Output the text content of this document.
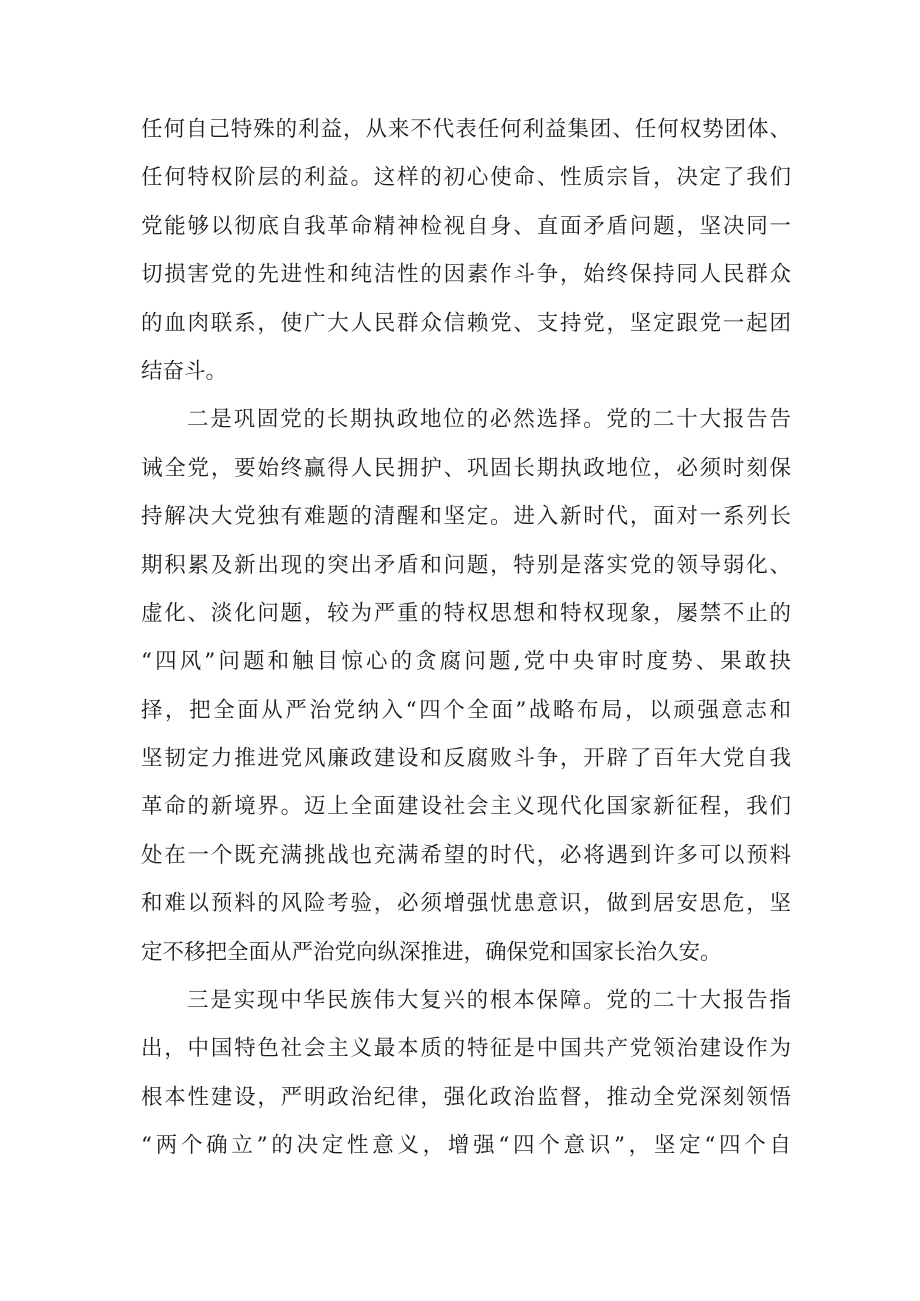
任何自己特殊的利益，从来不代表任何利益集团、任何权势团体、
任何特权阶层的利益。这样的初心使命、性质宗旨，决定了我们
党能够以彻底自我革命精神检视自身、直面矛盾问题，坚决同一
切损害党的先进性和纯洁性的因素作斗争，始终保持同人民群众
的血肉联系，使广大人民群众信赖党、支持党，坚定跟党一起团
结奋斗。
二是巩固党的长期执政地位的必然选择。党的二十大报告告
诫全党，要始终赢得人民拥护、巩固长期执政地位，必须时刻保
持解决大党独有难题的清醒和坚定。进入新时代，面对一系列长
期积累及新出现的突出矛盾和问题，特别是落实党的领导弱化、
虚化、淡化问题，较为严重的特权思想和特权现象，屡禁不止的
“四风”问题和触目惊心的贪腐问题,党中央审时度势、果敢抉
择，把全面从严治党纳入“四个全面”战略布局，以顽强意志和
坚韧定力推进党风廉政建设和反腐败斗争，开辟了百年大党自我
革命的新境界。迈上全面建设社会主义现代化国家新征程，我们
处在一个既充满挑战也充满希望的时代，必将遇到许多可以预料
和难以预料的风险考验，必须增强忧患意识，做到居安思危，坚
定不移把全面从严治党向纵深推进，确保党和国家长治久安。
三是实现中华民族伟大复兴的根本保障。党的二十大报告指
出，中国特色社会主义最本质的特征是中国共产党领治建设作为
根本性建设，严明政治纪律，强化政治监督，推动全党深刻领悟
“两个确立”的决定性意义，增强“四个意识”，坚定“四个自
